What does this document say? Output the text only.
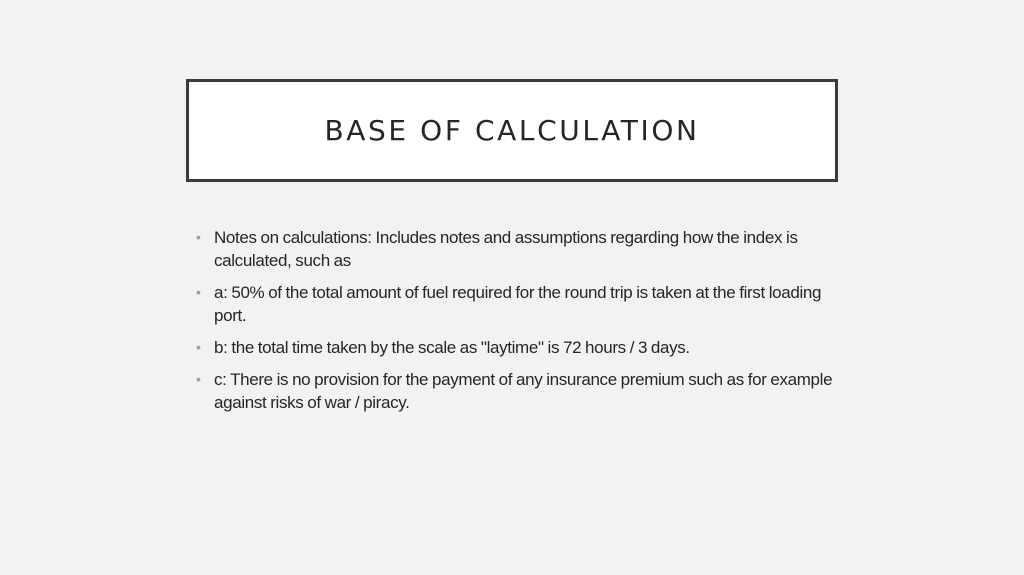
BASE OF CALCULATION
• Notes on calculations: Includes notes and assumptions regarding how the index is calculated, such as
• a: 50% of the total amount of fuel required for the round trip is taken at the first loading port.
• b: the total time taken by the scale as "laytime" is 72 hours / 3 days.
• c: There is no provision for the payment of any insurance premium such as for example against risks of war / piracy.
